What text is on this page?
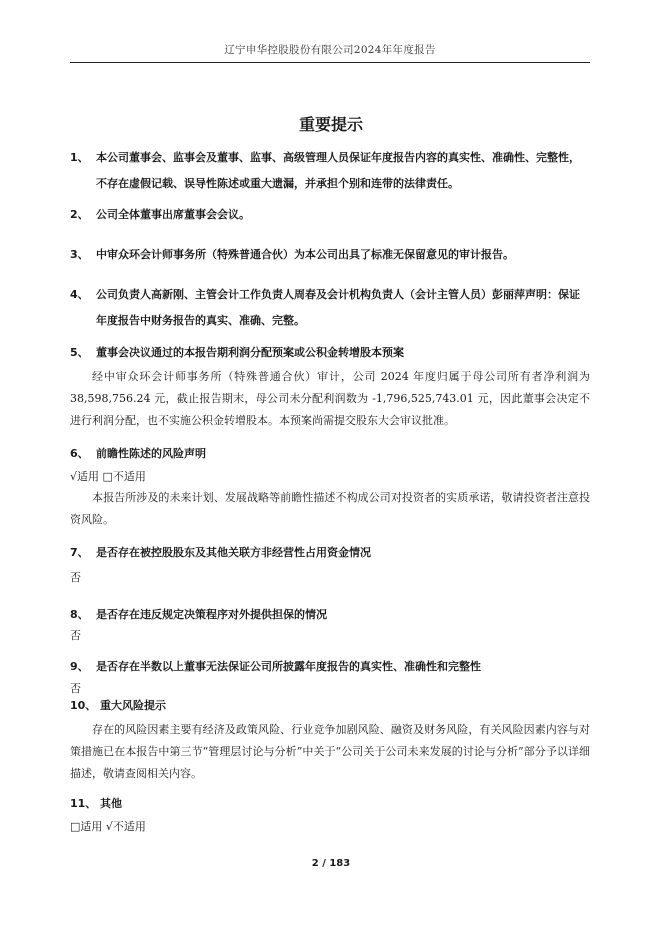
辽宁申华控股股份有限公司2024年年度报告
重要提示
1、 本公司董事会、监事会及董事、监事、高级管理人员保证年度报告内容的真实性、准确性、完整性，不存在虚假记载、误导性陈述或重大遗漏，并承担个别和连带的法律责任。
2、 公司全体董事出席董事会会议。
3、 中审众环会计师事务所（特殊普通合伙）为本公司出具了标准无保留意见的审计报告。
4、 公司负责人高新刚、主管会计工作负责人周春及会计机构负责人（会计主管人员）彭丽萍声明：保证年度报告中财务报告的真实、准确、完整。
5、 董事会决议通过的本报告期利润分配预案或公积金转增股本预案
经中审众环会计师事务所（特殊普通合伙）审计，公司 2024 年度归属于母公司所有者净利润为 38,598,756.24 元，截止报告期末，母公司未分配利润数为 -1,796,525,743.01 元，因此董事会决定不进行利润分配，也不实施公积金转增股本。本预案尚需提交股东大会审议批准。
6、 前瞻性陈述的风险声明
√适用 □不适用
本报告所涉及的未来计划、发展战略等前瞻性描述不构成公司对投资者的实质承诺，敬请投资者注意投资风险。
7、 是否存在被控股股东及其他关联方非经营性占用资金情况
否
8、 是否存在违反规定决策程序对外提供担保的情况
否
9、 是否存在半数以上董事无法保证公司所披露年度报告的真实性、准确性和完整性
否
10、 重大风险提示
存在的风险因素主要有经济及政策风险、行业竞争加剧风险、融资及财务风险，有关风险因素内容与对策措施已在本报告中第三节“管理层讨论与分析”中关于“公司关于公司未来发展的讨论与分析”部分予以详细描述，敬请查阅相关内容。
11、 其他
□适用 √不适用
2 / 183
